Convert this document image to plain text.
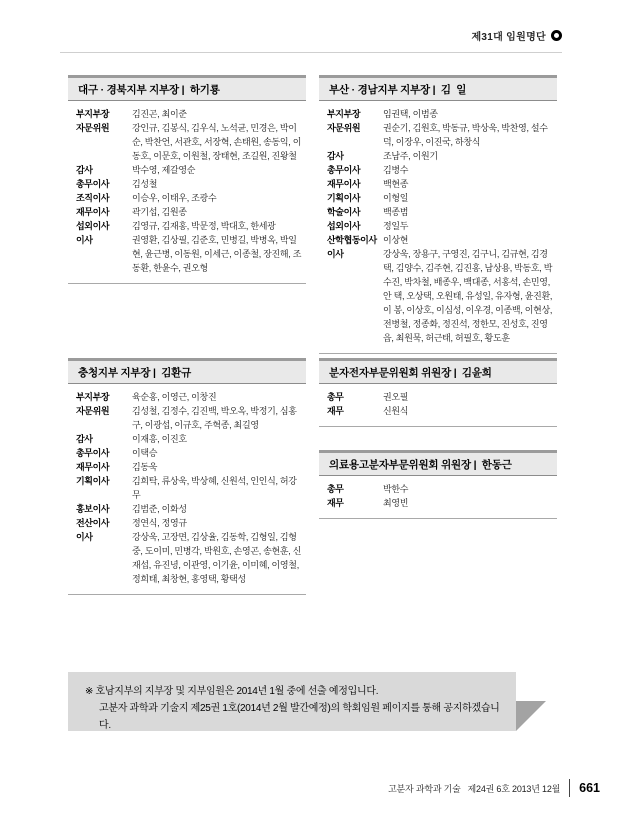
제31대 임원명단
대구 · 경북지부 지부장 |  하기룡
부지부장	김진곤, 최이준
자문위원	강인규, 김봉식, 김우식, 노석균, 민경은, 박이순, 박찬언, 서관호, 서장혁, 손태원, 송동익, 이동호, 이문호, 이원철, 장태현, 조길원, 진왕철
감사	박수영, 제갈영순
총무이사	김성철
조직이사	이승우, 이태우, 조광수
재무이사	곽기섭, 김원종
섭외이사	김영규, 김재홍, 박문정, 박대호, 한세광
이사	권영환, 김상필, 김준호, 민병길, 박병옥, 박일현, 윤근병, 이동원, 이세근, 이종철, 장진해, 조동환, 한윤수, 권오형
충청지부 지부장 |  김환규
부지부장	육순홍, 이영근, 이창진
자문위원	김성철, 김정수, 김진백, 박오옥, 박정기, 심홍구, 이광섭, 이규호, 주혁종, 최길영
감사	이재흥, 이진호
총무이사	이택승
재무이사	김동욱
기획이사	김희탁, 류상욱, 박상혜, 신원석, 인인식, 허강무
홍보이사	김범준, 이화성
전산이사	정연식, 정영규
이사	강상욱, 고장면, 김상율, 김동학, 김형일, 김형중, 도이미, 민병각, 박원호, 손영곤, 송현훈, 신재섭, 유진녕, 이관영, 이기윤, 이미혜, 이영철, 정희태, 최창현, 홍영택, 황택성
부산 · 경남지부 지부장 |  김  일
부지부장	임권택, 이범종
자문위원	권순기, 김원호, 박동규, 박상욱, 박찬영, 설수덕, 이장우, 이진국, 하창식
감사	조남주, 이원기
총무이사	김병수
재무이사	백현종
기획이사	이형일
학술이사	백종범
섭외이사	정일두
산학협동이사 이상현
이사	강상욱, 장용구, 구영진, 김구니, 김규현, 김경택, 김양수, 김주현, 김진홍, 남상용, 박동호, 박수진, 박차철, 배종우, 백대종, 서홍석, 손민영, 안 택, 오상택, 오원태, 유성일, 유자형, 윤진환, 이 봉, 이상호, 이심성, 이우경, 이종백, 이현상, 전병철, 정종화, 정진석, 정한모, 진성호, 진영읍, 최원묵, 허근태, 허필호, 황도훈
분자전자부문위원회 위원장 |  김윤희
총무	권오필
재무	신원식
의료용고분자부문위원회 위원장 |  한동근
총무	박한수
재무	최영빈
※ 호남지부의 지부장 및 지부임원은 2014년 1월 중에 선출 예정입니다.
고분자 과학과 기술지 제25권 1호(2014년 2월 발간예정)의 학회임원 페이지를 통해 공지하겠습니다.
고분자 과학과 기술   제24권 6호 2013년 12월 661
